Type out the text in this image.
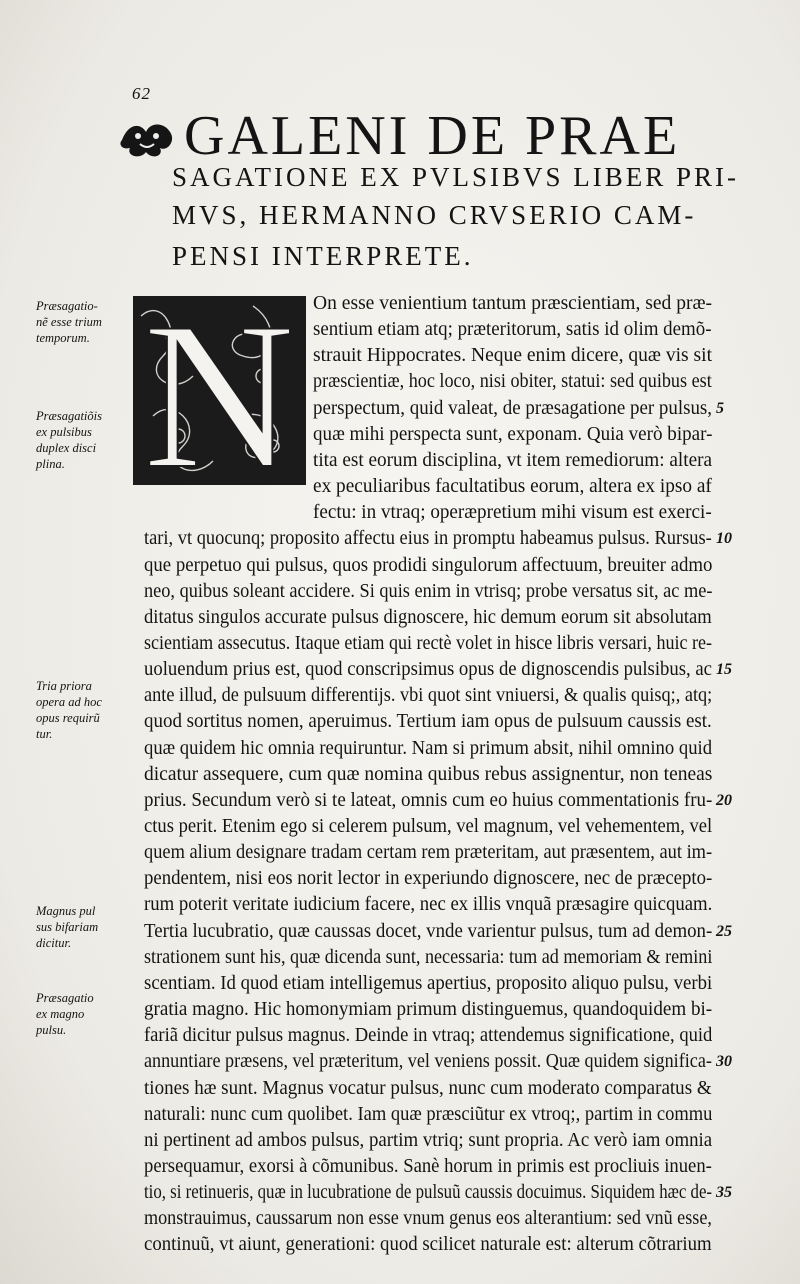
62
GALENI DE PRAE
SAGATIONE EX PVLSIBVS LIBER PRI-
MVS, HERMANNO CRVSERIO CAM-
PENSI INTERPRETE.
N On esse venientium tantum præscientiam, sed præ-
sentium etiam atq; præteritorum, satis id olim demõ-
strauit Hippocrates. Neque enim dicere, quæ vis sit
præscientiæ, hoc loco, nisi obiter, statui: sed quibus est
perspectum, quid valeat, de præsagatione per pulsus,
quæ mihi perspecta sunt, exponam. Quia verò bipar-
tita est eorum disciplina, vt item remediorum: altera
ex peculiaribus facultatibus eorum, altera ex ipso af
fectu: in vtraq; operæpretium mihi visum est exerci-
tari, vt quocunq; proposito affectu eius in promptu habeamus pulsus. Rursus-
que perpetuo qui pulsus, quos prodidi singulorum affectuum, breuiter admo
neo, quibus soleant accidere. Si quis enim in vtrisq; probe versatus sit, ac me-
ditatus singulos accurate pulsus dignoscere, hic demum eorum sit absolutam
scientiam assecutus. Itaque etiam qui rectè volet in hisce libris versari, huic re-
uoluendum prius est, quod conscripsimus opus de dignoscendis pulsibus, ac
ante illud, de pulsuum differentijs. vbi quot sint vniuersi, & qualis quisq;, atq;
quod sortitus nomen, aperuimus. Tertium iam opus de pulsuum caussis est.
quæ quidem hic omnia requiruntur. Nam si primum absit, nihil omnino quid
dicatur assequere, cum quæ nomina quibus rebus assignentur, non teneas
prius. Secundum verò si te lateat, omnis cum eo huius commentationis fru-
ctus perit. Etenim ego si celerem pulsum, vel magnum, vel vehementem, vel
quem alium designare tradam certam rem præteritam, aut præsentem, aut im-
pendentem, nisi eos norit lector in experiundo dignoscere, nec de præcepto-
rum poterit veritate iudicium facere, nec ex illis vnquã præsagire quicquam.
Tertia lucubratio, quæ caussas docet, vnde varientur pulsus, tum ad demon-
strationem sunt his, quæ dicenda sunt, necessaria: tum ad memoriam & remini
scentiam. Id quod etiam intelligemus apertius, proposito aliquo pulsu, verbi
gratia magno. Hic homonymiam primum distinguemus, quandoquidem bi-
fariã dicitur pulsus magnus. Deinde in vtraq; attendemus significatione, quid
annuntiare præsens, vel præteritum, vel veniens possit. Quæ quidem significa-
tiones hæ sunt. Magnus vocatur pulsus, nunc cum moderato comparatus &
naturali: nunc cum quolibet. Iam quæ præsciũtur ex vtroq;, partim in commu
ni pertinent ad ambos pulsus, partim vtriq; sunt propria. Ac verò iam omnia
persequamur, exorsi à cõmunibus. Sanè horum in primis est procliuis inuen-
tio, si retinueris, quæ in lucubratione de pulsuũ caussis docuimus. Siquidem hæc de-
monstrauimus, caussarum non esse vnum genus eos alterantium: sed vnũ esse,
continuũ, vt aiunt, generationi: quod scilicet naturale est: alterum cõtrarium
5
10
15
20
25
30
35
Præsagatio-
nẽ esse trium
temporum.
Præsagatiõis
ex pulsibus
duplex disci
plina.
Tria priora
opera ad hoc
opus requirũ
tur.
Magnus pul
sus bifariam
dicitur.
Præsagatio
ex magno
pulsu.
